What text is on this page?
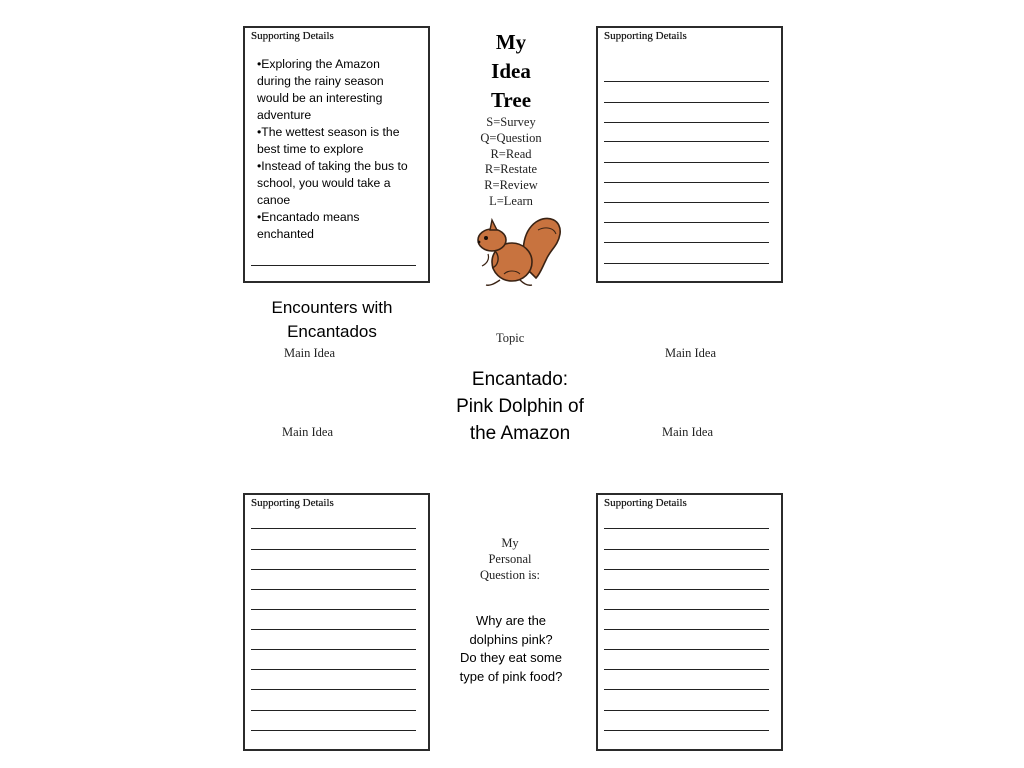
Supporting Details
• Exploring the Amazon during the rainy season would be an interesting adventure
• The wettest season is the best time to explore
• Instead of taking the bus to school, you would take a canoe
• Encantado means enchanted
Supporting Details
My
Idea
Tree
S=Survey
Q=Question
R=Read
R=Restate
R=Review
L=Learn
Encounters with
Encantados
Main Idea
Topic
Main Idea
Encantado:
Pink Dolphin of
the Amazon
Main Idea	Main Idea
Supporting Details	Supporting Details
My
Personal
Question is:
Why are the
dolphins pink?
Do they eat some
type of pink food?
